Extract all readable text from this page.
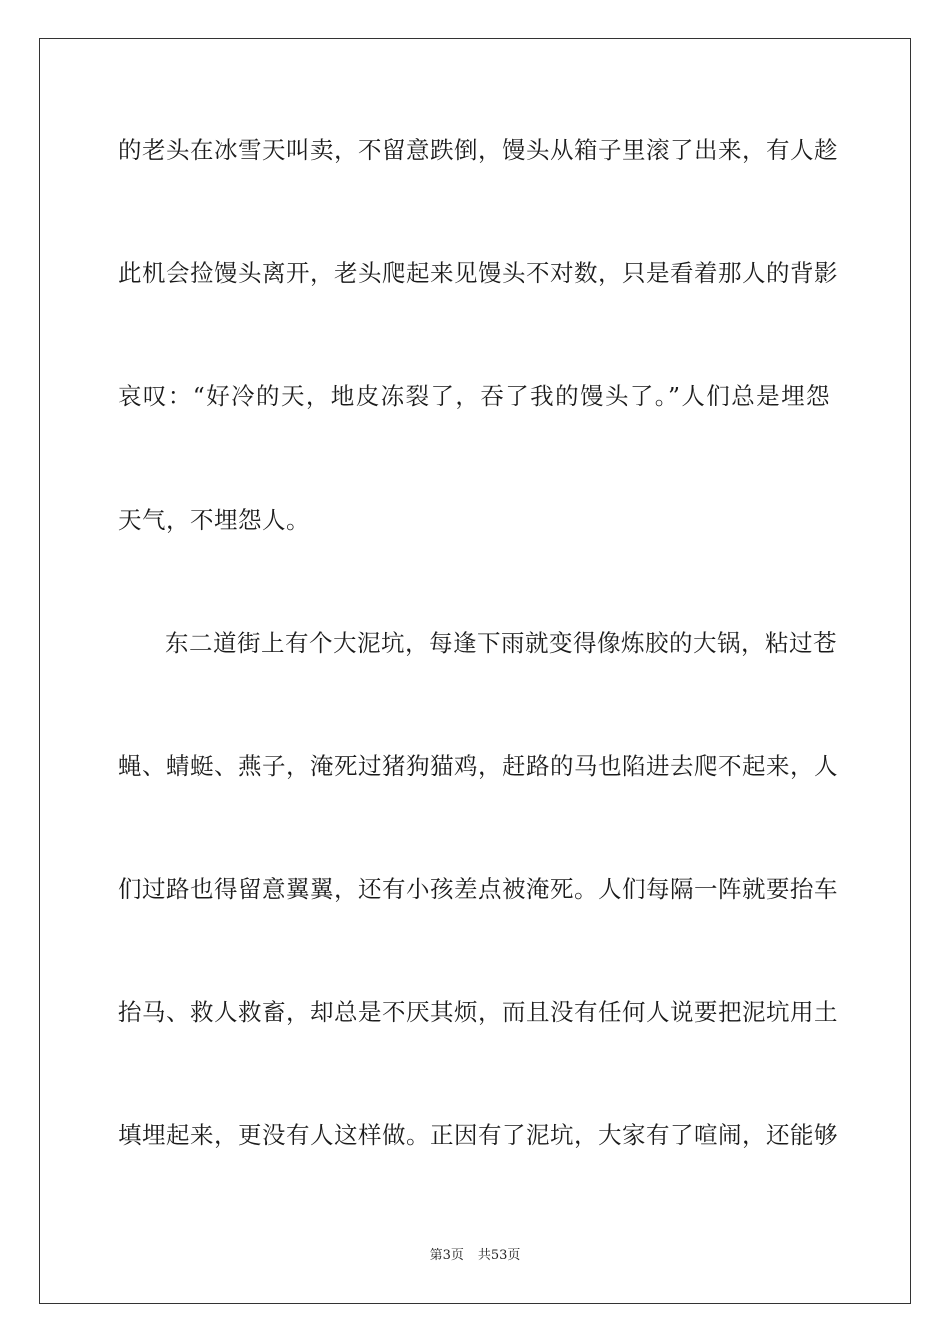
的老头在冰雪天叫卖，不留意跌倒，馒头从箱子里滚了出来，有人趁
此机会捡馒头离开，老头爬起来见馒头不对数，只是看着那人的背影
哀叹：“好冷的天，地皮冻裂了，吞了我的馒头了。”人们总是埋怨
天气，不埋怨人。
东二道街上有个大泥坑，每逢下雨就变得像炼胶的大锅，粘过苍
蝇、蜻蜓、燕子，淹死过猪狗猫鸡，赶路的马也陷进去爬不起来，人
们过路也得留意翼翼，还有小孩差点被淹死。人们每隔一阵就要抬车
抬马、救人救畜，却总是不厌其烦，而且没有任何人说要把泥坑用土
填埋起来，更没有人这样做。正因有了泥坑，大家有了喧闹，还能够
第3页 共53页
